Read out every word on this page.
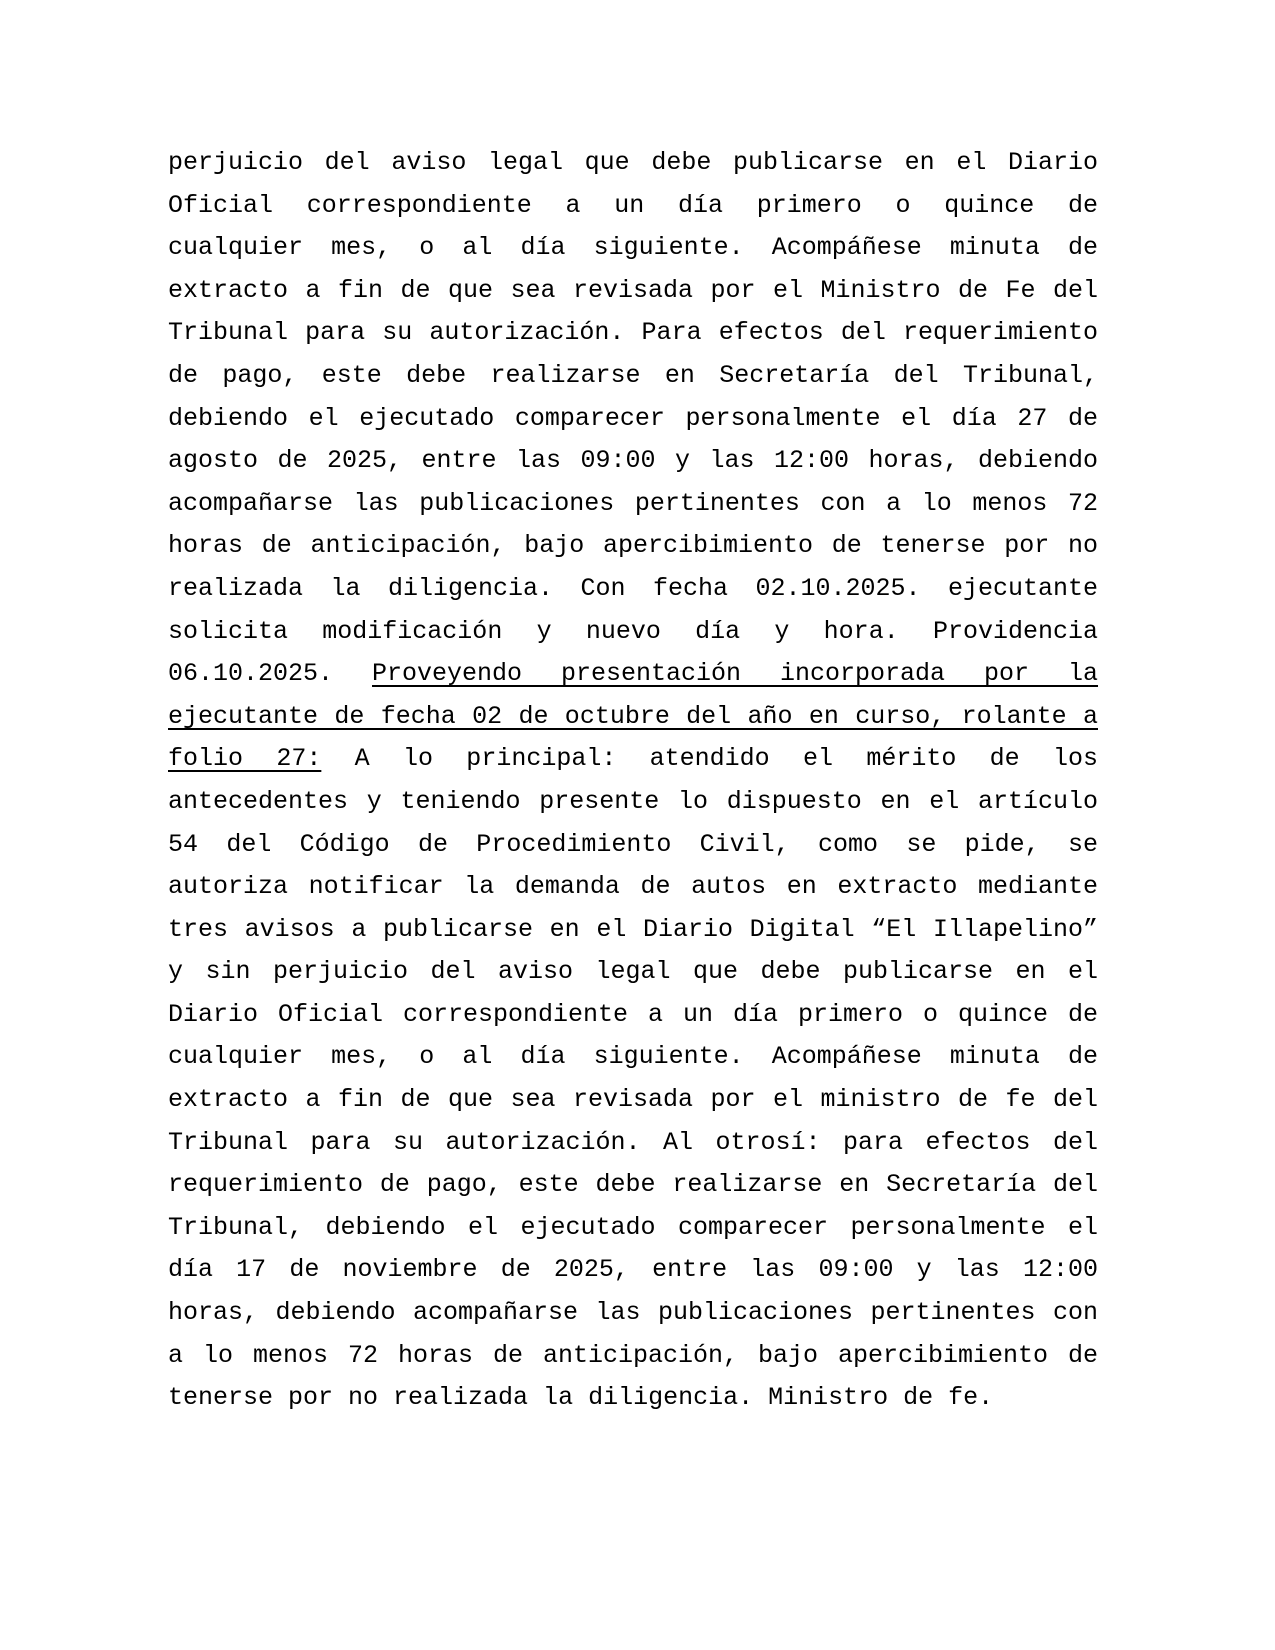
perjuicio del aviso legal que debe publicarse en el Diario
Oficial correspondiente a un día primero o quince de
cualquier mes, o al día siguiente. Acompáñese minuta de
extracto a fin de que sea revisada por el Ministro de Fe del
Tribunal para su autorización. Para efectos del requerimiento
de pago, este debe realizarse en Secretaría del Tribunal,
debiendo el ejecutado comparecer personalmente el día 27 de
agosto de 2025, entre las 09:00 y las 12:00 horas, debiendo
acompañarse las publicaciones pertinentes con a lo menos 72
horas de anticipación, bajo apercibimiento de tenerse por no
realizada la diligencia. Con fecha 02.10.2025. ejecutante
solicita modificación y nuevo día y hora. Providencia
06.10.2025. Proveyendo presentación incorporada por la
ejecutante de fecha 02 de octubre del año en curso, rolante a
folio 27: A lo principal: atendido el mérito de los
antecedentes y teniendo presente lo dispuesto en el artículo
54 del Código de Procedimiento Civil, como se pide, se
autoriza notificar la demanda de autos en extracto mediante
tres avisos a publicarse en el Diario Digital “El Illapelino”
y sin perjuicio del aviso legal que debe publicarse en el
Diario Oficial correspondiente a un día primero o quince de
cualquier mes, o al día siguiente. Acompáñese minuta de
extracto a fin de que sea revisada por el ministro de fe del
Tribunal para su autorización. Al otrosí: para efectos del
requerimiento de pago, este debe realizarse en Secretaría del
Tribunal, debiendo el ejecutado comparecer personalmente el
día 17 de noviembre de 2025, entre las 09:00 y las 12:00
horas, debiendo acompañarse las publicaciones pertinentes con
a lo menos 72 horas de anticipación, bajo apercibimiento de
tenerse por no realizada la diligencia. Ministro de fe.
